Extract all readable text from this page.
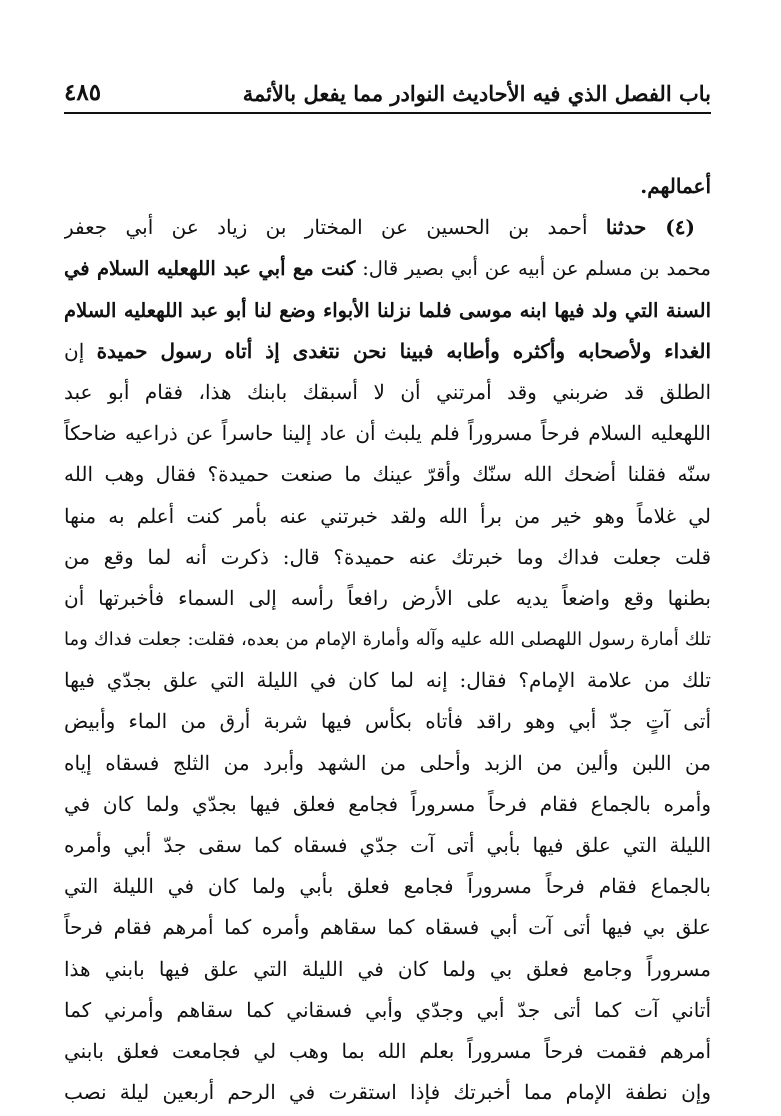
باب الفصل الذي فيه الأحاديث النوادر مما يفعل بالأئمة
٤٨٥
أعمالهم.
(٤) حدثنا أحمد بن الحسين عن المختار بن زياد عن أبي جعفر
محمد بن مسلم عن أبيه عن أبي بصير قال: كنت مع أبي عبد اللهعليه السلام في
السنة التي ولد فيها ابنه موسى فلما نزلنا الأبواء وضع لنا أبو عبد اللهعليه السلام
الغداء ولأصحابه وأكثره وأطابه فبينا نحن نتغدى إذ أتاه رسول حميدة إن
الطلق قد ضربني وقد أمرتني أن لا أسبقك بابنك هذا، فقام أبو عبد
اللهعليه السلام فرحاً مسروراً فلم يلبث أن عاد إلينا حاسراً عن ذراعيه ضاحكاً
سنّه فقلنا أضحك الله سنّك وأقرّ عينك ما صنعت حميدة؟ فقال وهب الله
لي غلاماً وهو خير من برأ الله ولقد خبرتني عنه بأمر كنت أعلم به منها
قلت جعلت فداك وما خبرتك عنه حميدة؟ قال: ذكرت أنه لما وقع من
بطنها وقع واضعاً يديه على الأرض رافعاً رأسه إلى السماء فأخبرتها أن
تلك أمارة رسول اللهصلى الله عليه وآله وأمارة الإمام من بعده، فقلت: جعلت فداك وما
تلك من علامة الإمام؟ فقال: إنه لما كان في الليلة التي علق بجدّي فيها
أتى آتٍ جدّ أبي وهو راقد فأتاه بكأس فيها شربة أرق من الماء وأبيض
من اللبن وألين من الزبد وأحلى من الشهد وأبرد من الثلج فسقاه إياه
وأمره بالجماع فقام فرحاً مسروراً فجامع فعلق فيها بجدّي ولما كان في
الليلة التي علق فيها بأبي أتى آت جدّي فسقاه كما سقى جدّ أبي وأمره
بالجماع فقام فرحاً مسروراً فجامع فعلق بأبي ولما كان في الليلة التي
علق بي فيها أتى آت أبي فسقاه كما سقاهم وأمره كما أمرهم فقام فرحاً
مسروراً وجامع فعلق بي ولما كان في الليلة التي علق فيها بابني هذا
أتاني آت كما أتى جدّ أبي وجدّي وأبي فسقاني كما سقاهم وأمرني كما
أمرهم فقمت فرحاً مسروراً بعلم الله بما وهب لي فجامعت فعلق بابني
وإن نطفة الإمام مما أخبرتك فإذا استقرت في الرحم أربعين ليلة نصب
